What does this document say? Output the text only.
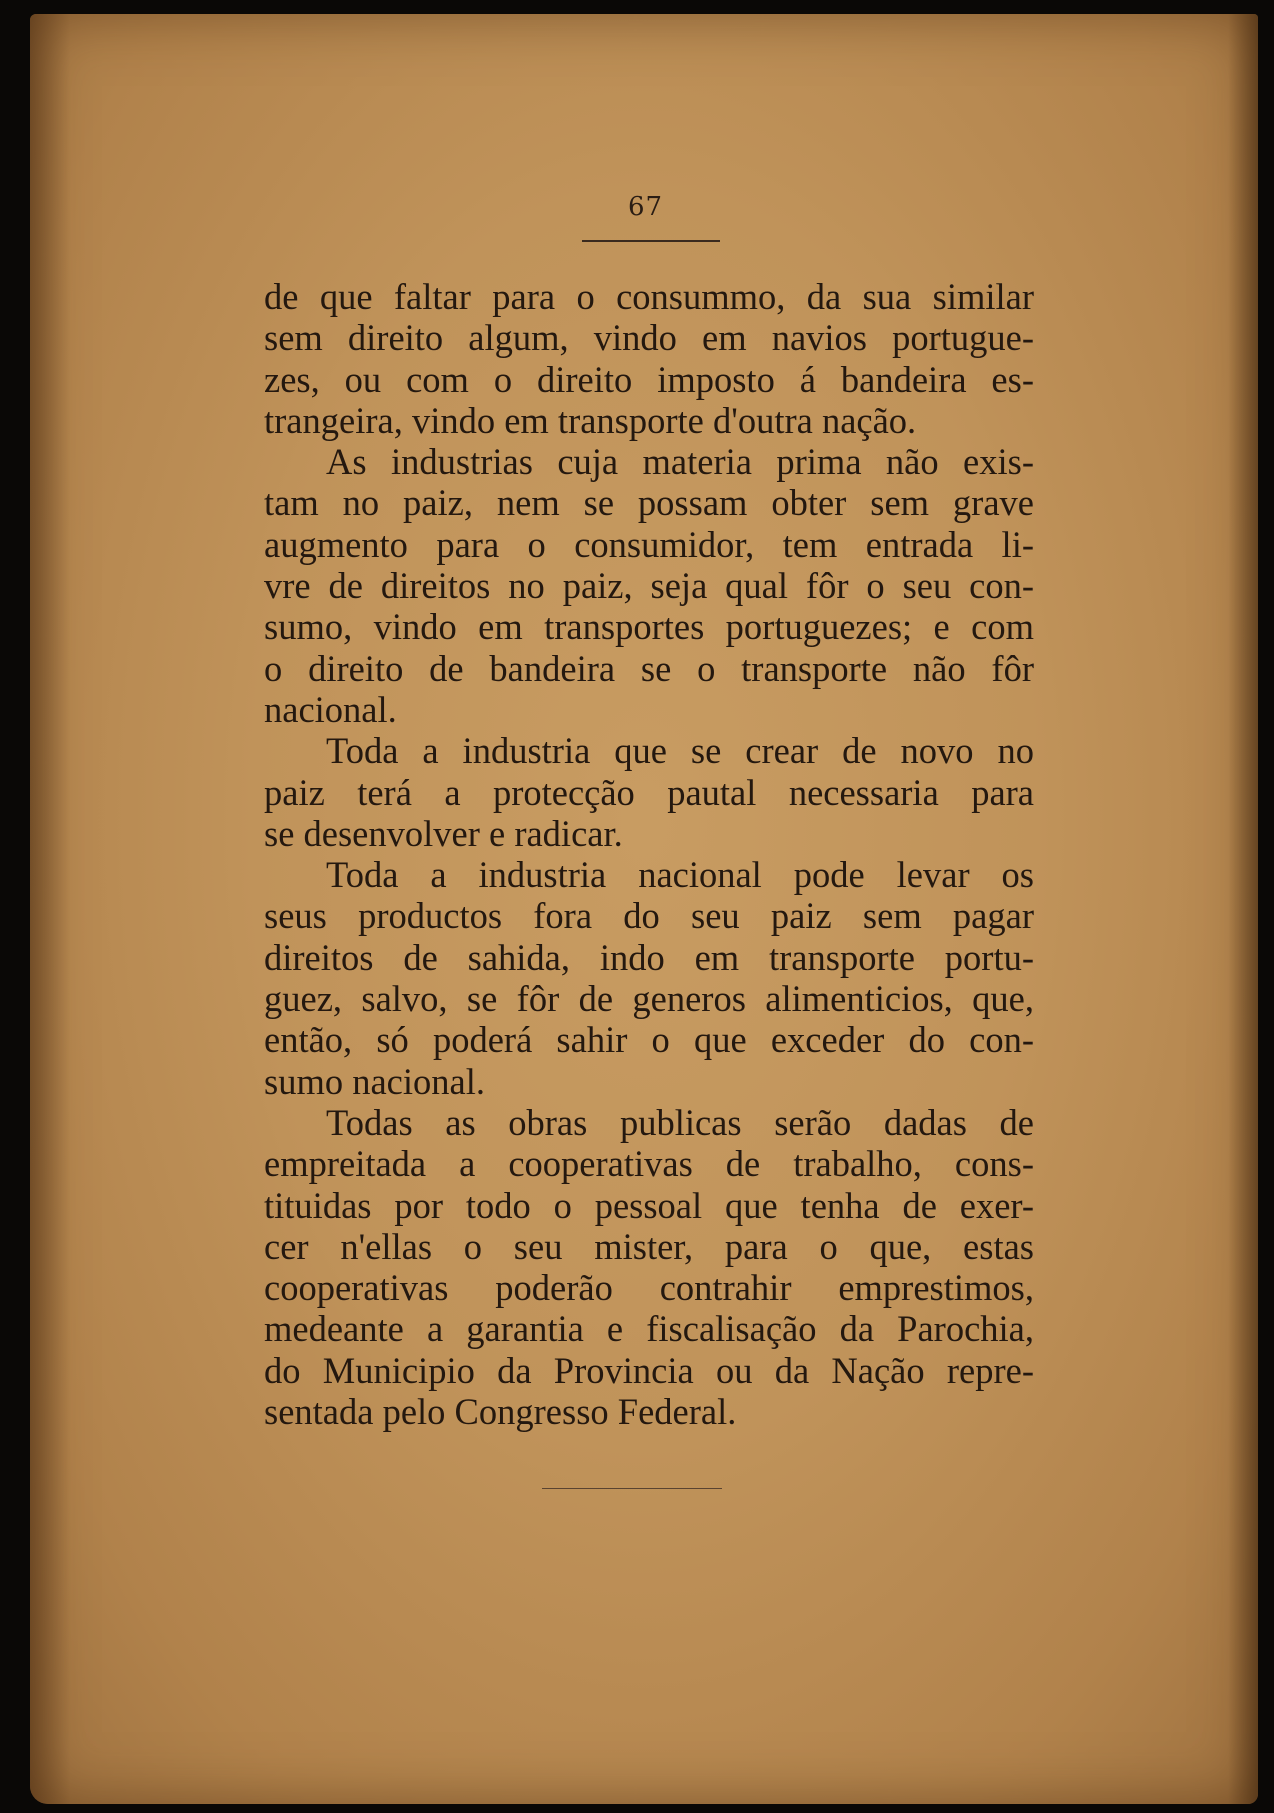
67
de que faltar para o consummo, da sua similar
sem direito algum, vindo em navios portugue-
zes, ou com o direito imposto á bandeira es-
trangeira, vindo em transporte d'outra nação.
As industrias cuja materia prima não exis-
tam no paiz, nem se possam obter sem grave
augmento para o consumidor, tem entrada li-
vre de direitos no paiz, seja qual fôr o seu con-
sumo, vindo em transportes portuguezes; e com
o direito de bandeira se o transporte não fôr
nacional.
Toda a industria que se crear de novo no
paiz terá a protecção pautal necessaria para
se desenvolver e radicar.
Toda a industria nacional pode levar os
seus productos fora do seu paiz sem pagar
direitos de sahida, indo em transporte portu-
guez, salvo, se fôr de generos alimenticios, que,
então, só poderá sahir o que exceder do con-
sumo nacional.
Todas as obras publicas serão dadas de
empreitada a cooperativas de trabalho, cons-
tituidas por todo o pessoal que tenha de exer-
cer n'ellas o seu mister, para o que, estas
cooperativas poderão contrahir emprestimos,
medeante a garantia e fiscalisação da Parochia,
do Municipio da Provincia ou da Nação repre-
sentada pelo Congresso Federal.
